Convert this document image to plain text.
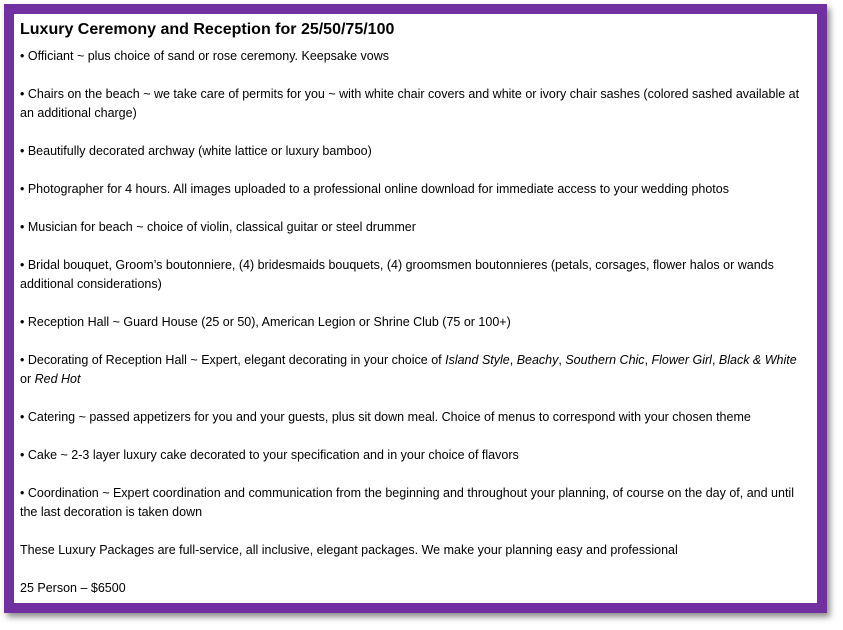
Luxury Ceremony and Reception for 25/50/75/100
• Officiant ~ plus choice of sand or rose ceremony. Keepsake vows
• Chairs on the beach ~ we take care of permits for you ~ with white chair covers and white or ivory chair sashes (colored sashed available at an additional charge)
• Beautifully decorated archway (white lattice or luxury bamboo)
• Photographer for 4 hours. All images uploaded to a professional online download for immediate access to your wedding photos
• Musician for beach ~ choice of violin, classical guitar or steel drummer
• Bridal bouquet, Groom’s boutonniere, (4) bridesmaids bouquets, (4) groomsmen boutonnieres (petals, corsages, flower halos or wands additional considerations)
• Reception Hall ~ Guard House (25 or 50), American Legion or Shrine Club (75 or 100+)
• Decorating of Reception Hall ~ Expert, elegant decorating in your choice of Island Style, Beachy, Southern Chic, Flower Girl, Black & White or Red Hot
• Catering ~ passed appetizers for you and your guests, plus sit down meal. Choice of menus to correspond with your chosen theme
• Cake ~ 2-3 layer luxury cake decorated to your specification and in your choice of flavors
• Coordination ~ Expert coordination and communication from the beginning and throughout your planning, of course on the day of, and until the last decoration is taken down
These Luxury Packages are full-service, all inclusive, elegant packages. We make your planning easy and professional
25 Person – $6500
